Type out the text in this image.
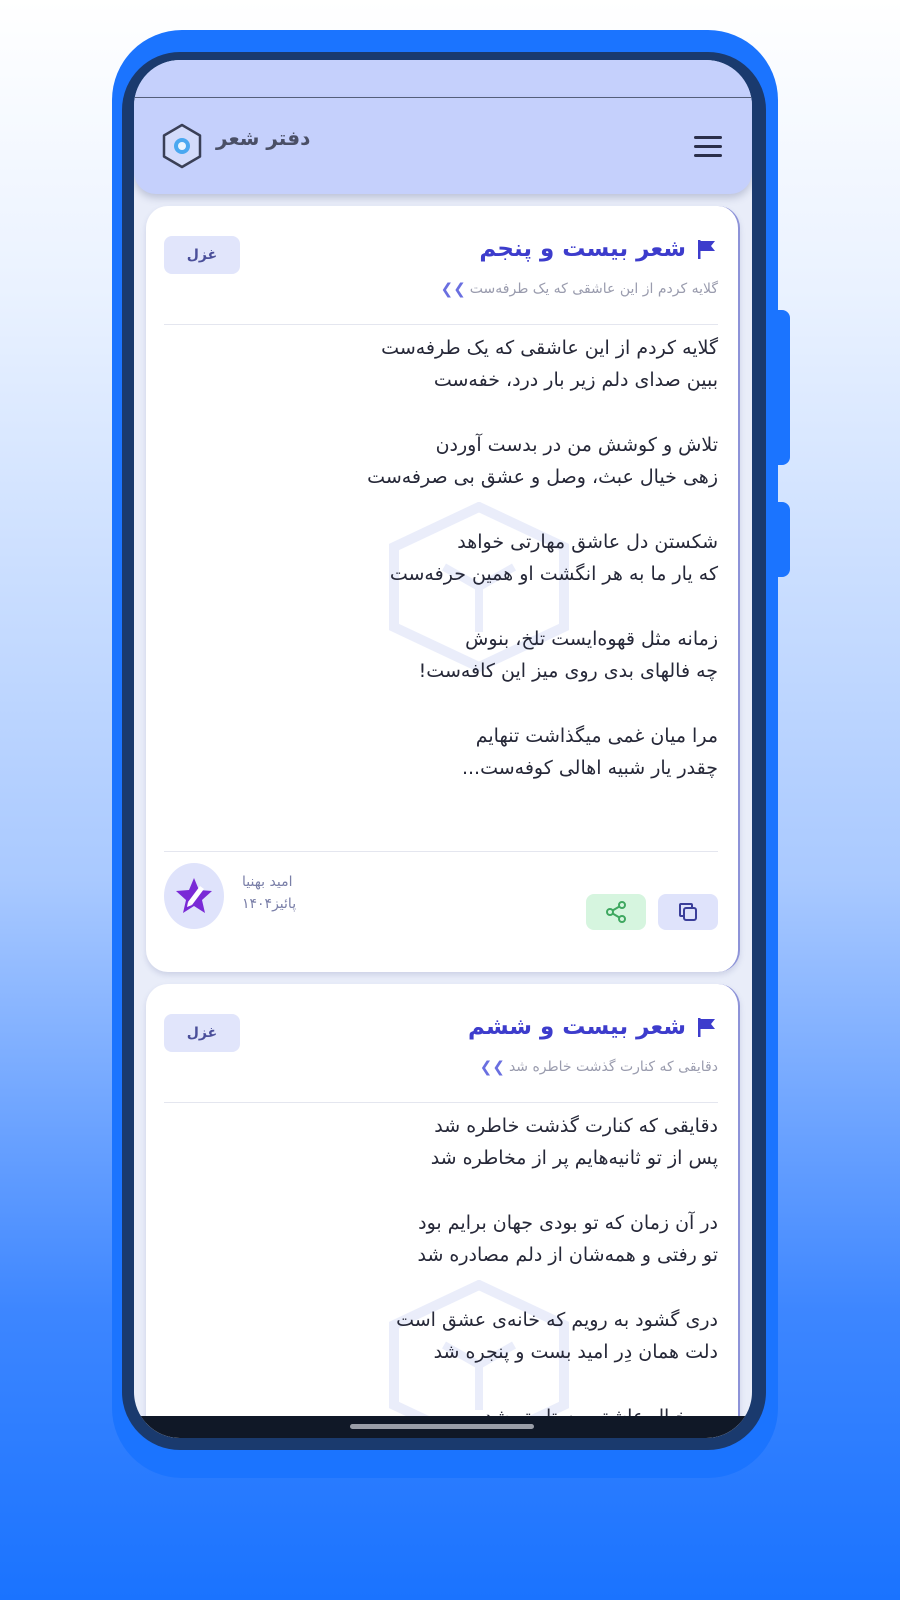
دفتر شعر
غزل	شعر بیست و پنجم
❯❯ گلایه کردم از این عاشقی که یک طرفه‌ست
گلایه کردم از این عاشقی که یک طرفه‌ست
ببین صدای دلم زیر بار درد، خفه‌ست
تلاش و کوشش من در بدست آوردن
زهی خیال عبث، وصل و عشق بی صرفه‌ست
شکستن دل عاشق مهارتی خواهد
که یار ما به هر انگشت او همین حرفه‌ست
زمانه مثل قهوه‌ایست تلخ، بنوش
چه فالهای بدی روی میز این کافه‌ست!
مرا میان غمی میگذاشت تنهایم
چقدر یار شبیه اهالی کوفه‌ست...
امید بهنیا
پائیز۱۴۰۴
غزل	شعر بیست و ششم
❯❯ دقایقی که کنارت گذشت خاطره شد
دقایقی که کنارت گذشت خاطره شد
پس از تو ثانیه‌هایم پر از مخاطره شد
در آن زمان که تو بودی جهان برایم بود
تو رفتی و همه‌شان از دلم مصادره شد
دری گشود به رویم که خانه‌ی عشق است
دلت همان دِر امید بست و پنجره شد
